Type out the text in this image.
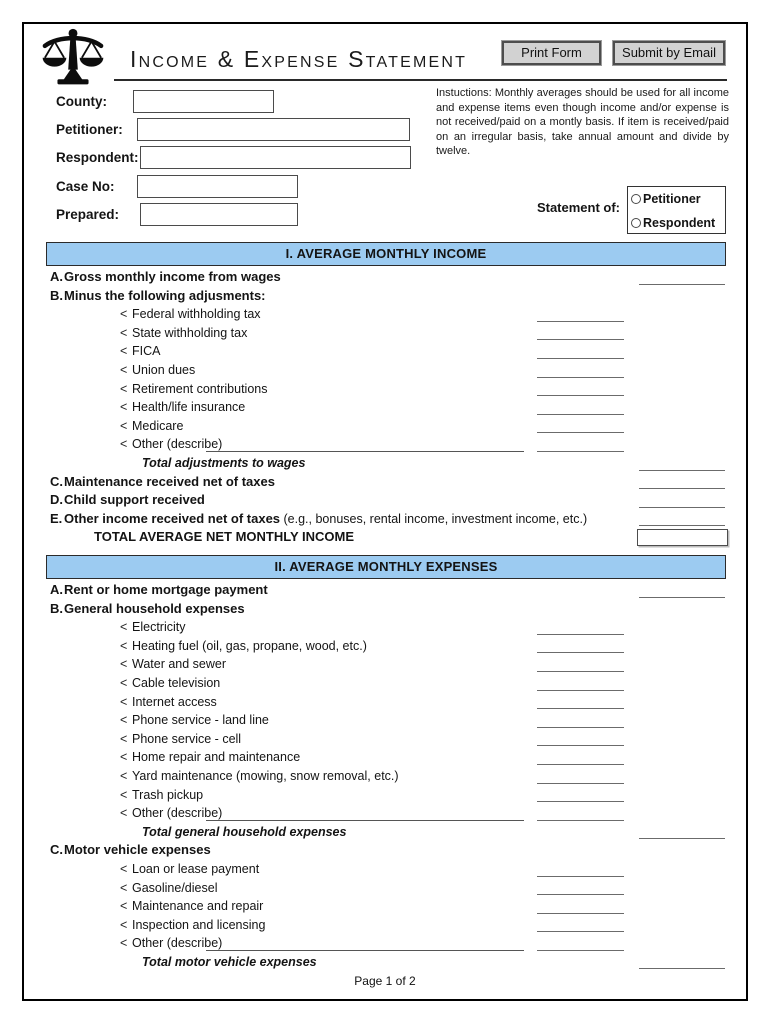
Income & Expense Statement	Print Form	Submit by Email
County:
Petitioner:
Respondent:
Case No:
Prepared:
Instuctions: Monthly averages should be used for all income and expense items even though income and/or expense is not received/paid on a montly basis. If item is received/paid on an irregular basis, take annual amount and divide by twelve.
Statement of:
Petitioner
Respondent
I. AVERAGE MONTHLY INCOME
A. Gross monthly income from wages
B. Minus the following adjusments:
< Federal withholding tax
< State withholding tax
< FICA
< Union dues
< Retirement contributions
< Health/life insurance
< Medicare
< Other (describe)
Total adjustments to wages
C. Maintenance received net of taxes
D. Child support received
E. Other income received net of taxes (e.g., bonuses, rental income, investment income, etc.)
TOTAL AVERAGE NET MONTHLY INCOME
II. AVERAGE MONTHLY EXPENSES
A. Rent or home mortgage payment
B. General household expenses
< Electricity
< Heating fuel (oil, gas, propane, wood, etc.)
< Water and sewer
< Cable television
< Internet access
< Phone service - land line
< Phone service - cell
< Home repair and maintenance
< Yard maintenance (mowing, snow removal, etc.)
< Trash pickup
< Other (describe)
Total general household expenses
C. Motor vehicle expenses
< Loan or lease payment
< Gasoline/diesel
< Maintenance and repair
< Inspection and licensing
< Other (describe)
Total motor vehicle expenses
Page 1 of 2
